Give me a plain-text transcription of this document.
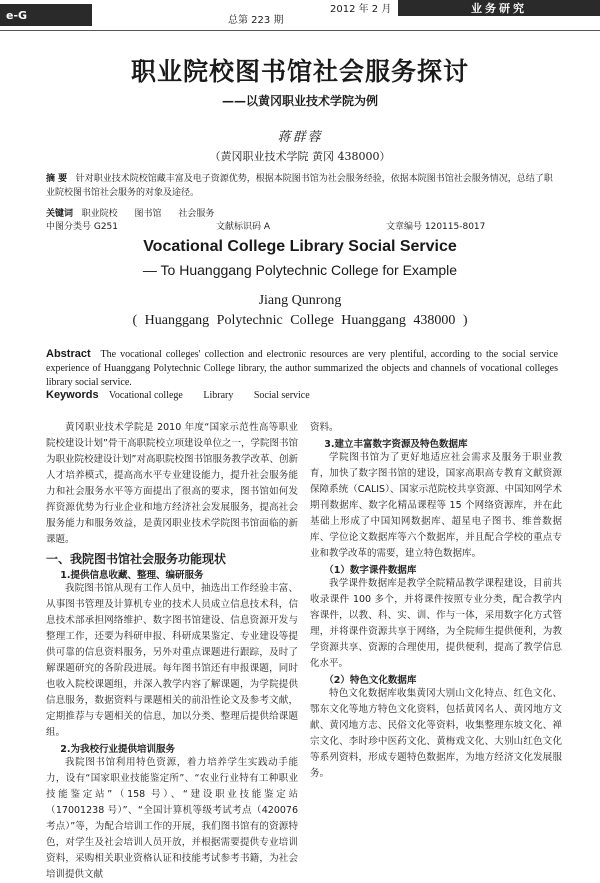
e-G	总第 223 期
2012 年 2 月	业务研究
职业院校图书馆社会服务探讨
——以黄冈职业技术学院为例
蒋群蓉
（黄冈职业技术学院 黄冈 438000）
摘 要 针对职业技术院校馆藏丰富及电子资源优势，根据本院图书馆为社会服务经验，依据本院图书馆社会服务情况，总结了职业院校图书馆社会服务的对象及途径。
关键词 职业院校 图书馆 社会服务
中图分类号 G251	文献标识码 A	文章编号 120115-8017
Vocational College Library Social Service
— To Huanggang Polytechnic College for Example
Jiang Qunrong
( Huanggang Polytechnic College Huanggang 438000 )
Abstract The vocational colleges' collection and electronic resources are very plentiful, according to the social service experience of Huanggang Polytechnic College library, the author summarized the objects and channels of vocational colleges library social service.
Keywords Vocational college Library Social service

黄冈职业技术学院是 2010 年度“国家示范性高等职业院校建设计划”骨干高职院校立项建设单位之一，学院图书馆为职业院校建设计划”对高职院校图书馆服务教学改革、创新人才培养模式，提高高水平专业建设能力，提升社会服务能力和社会服务水平等方面提出了很高的要求，图书馆如何发挥资源优势为行业企业和地方经济社会发展服务，提高社会服务能力和服务效益，是黄冈职业技术学院图书馆面临的新课题。

一、我院图书馆社会服务功能现状

1.提供信息收藏、整理、编研服务

我院图书馆从现有工作人员中，抽选出工作经验丰富、从事图书管理及计算机专业的技术人员成立信息技术科，信息技术部承担网络维护、数字图书馆建设、信息资源开发与整理工作，还要为科研申报、科研成果鉴定、专业建设等提供可靠的信息资料服务，另外对重点课题进行跟踪，及时了解课题研究的各阶段进展。每年图书馆还有申报课题，同时也收入院校课题组，并深入教学内容了解课题，为学院提供信息服务，数据资料与课题相关的前沿性论文及参考文献，定期推荐与专题相关的信息，加以分类、整理后提供给课题组。

2.为我校行业提供培训服务

我院图书馆利用特色资源，着力培养学生实践动手能力，设有“国家职业技能鉴定所”、“农业行业特有工种职业技能鉴定站”（158 号）、“建设职业技能鉴定站（17001238 号）”、“全国计算机等级考试考点（420076 考点）”等，为配合培训工作的开展，我们图书馆有的资源特色，对学生及社会培训人员开放，并根据需要提供专业培训资料，采购相关职业资格认证和技能考试参考书籍，为社会培训提供文献

资料。

3.建立丰富数字资源及特色数据库

学院图书馆为了更好地适应社会需求及服务于职业教育，加快了数字图书馆的建设，国家高职高专教育文献资源保障系统（CALIS）、国家示范院校共享资源、中国知网学术期刊数据库、数字化精品课程等 15 个网络资源库，并在此基础上形成了中国知网数据库、超星电子图书、维普数据库、学位论文数据库等六个数据库，并且配合学校的重点专业和教学改革的需要，建立特色数据库。

（1）数字课件数据库

我学课件数据库是教学全院精品教学课程建设，目前共收录课件 100 多个，并将课件按照专业分类，配合教学内容课件，以教、科、实、训、作与一体，采用数字化方式管理，并将课件资源共享于网络，为全院师生提供便利，为教学资源共享、资源的合理使用，提供便利，提高了教学信息化水平。

（2）特色文化数据库

特色文化数据库收集黄冈大别山文化特点、红色文化、鄂东文化等地方特色文化资料，包括黄冈名人、黄冈地方文献、黄冈地方志、民俗文化等资料，收集整理东坡文化、禅宗文化、李时珍中医药文化、黄梅戏文化、大别山红色文化等系列资料，形成专题特色数据库，为地方经济文化发展服务。
